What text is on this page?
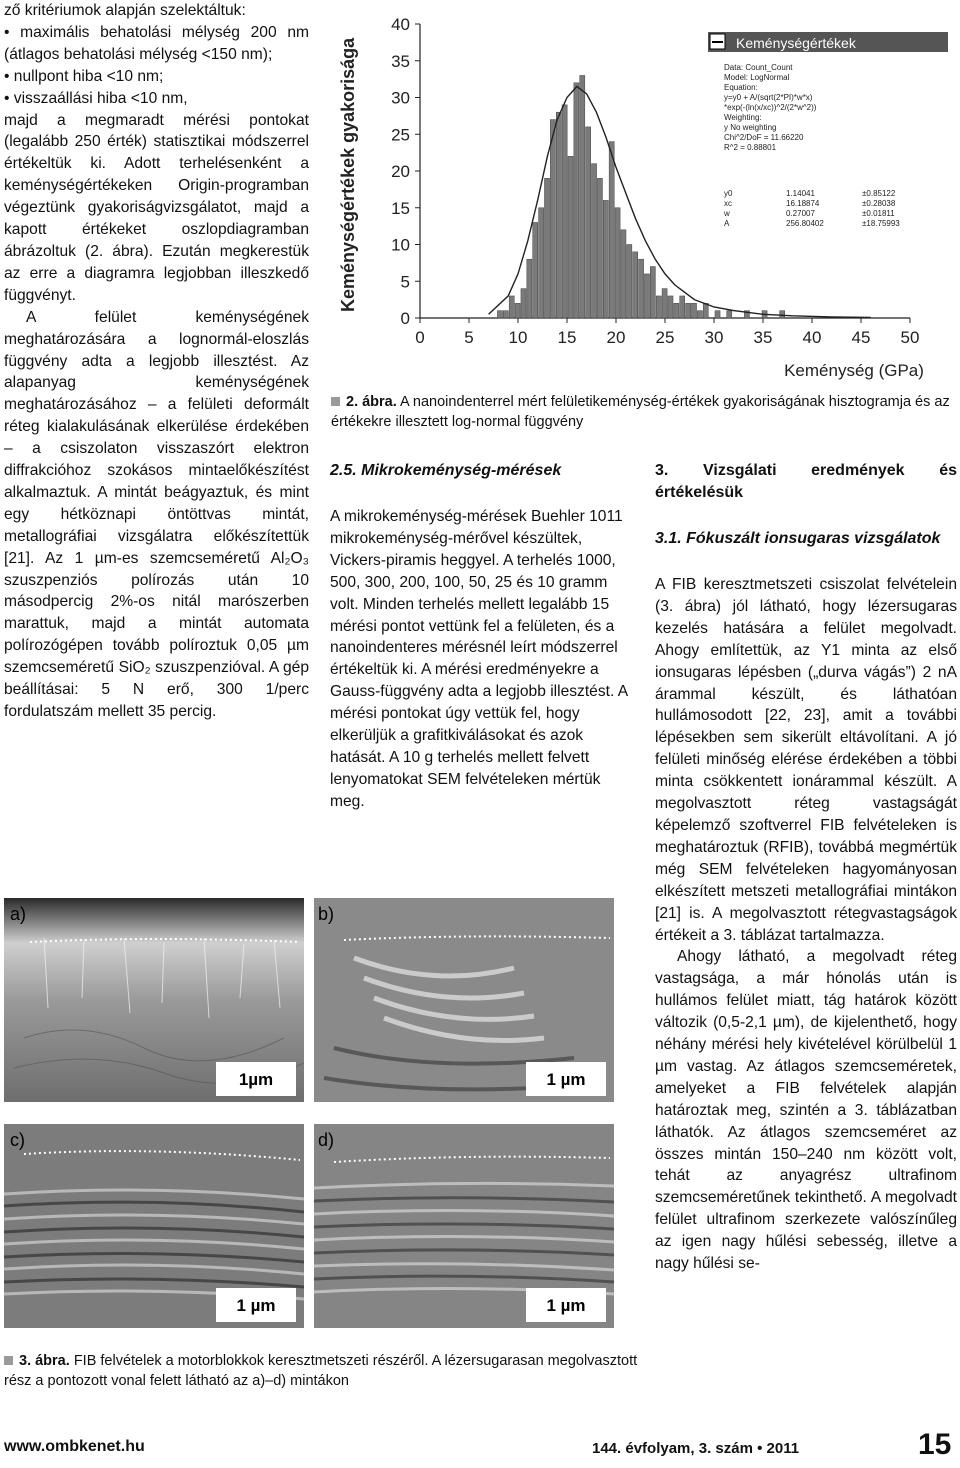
ző kritériumok alapján szelektáltuk:

• maximális behatolási mélység 200 nm (átlagos behatolási mélység <150 nm);

• nullpont hiba <10 nm;

• visszaállási hiba <10 nm,

majd a megmaradt mérési pontokat (legalább 250 érték) statisztikai módszerrel értékeltük ki. Adott terhelésenként a keménységértékeken Origin-programban végeztünk gyakoriságvizsgálatot, majd a kapott értékeket oszlopdiagramban ábrázoltuk (2. ábra). Ezután megkerestük az erre a diagramra legjobban illeszkedő függvényt.

A felület keménységének meghatározására a lognormál-eloszlás függvény adta a legjobb illesztést. Az alapanyag keménységének meghatározásához – a felületi deformált réteg kialakulásának elkerülése érdekében – a csiszolaton visszaszórt elektron diffrakcióhoz szokásos mintaelőkészítést alkalmaztuk. A mintát beágyaztuk, és mint egy hétköznapi öntöttvas mintát, metallográfiai vizsgálatra előkészítettük [21]. Az 1 µm-es szemcseméretű Al₂O₃ szuszpenziós polírozás után 10 másodpercig 2%-os nitál marószerben marattuk, majd a mintát automata polírozógépen tovább políroztuk 0,05 µm szemcseméretű SiO₂ szuszpenzióval. A gép beállításai: 5 N erő, 300 1/perc fordulatszám mellett 35 percig.

0
5
10
15
20
25
30
35
40
0 5 10 15 20 25 30 35 40 45 50
Keménységértékek gyakorisága
Keménység (GPa)
Keménységértékek
Data: Count_Count
Model: LogNormal
Equation:
y=y0 + A/(sqrt(2*PI)*w*x)
*exp(-(ln(x/xc))^2/(2*w^2))
Weighting:
y No weighting
Chi^2/DoF = 11.66220
R^2 = 0.88801
y0	1.14041	±0.85122
xc	16.18874	±0.28038
w	0.27007	±0.01811
A	256.80402	±18.75993
2. ábra. A nanoindenterrel mért felületikeménység-értékek gyakoriságának hisztogramja és az értékekre illesztett log-normal függvény
2.5. Mikrokeménység-mérések

A mikrokeménység-mérések Buehler 1011 mikrokeménység-mérővel készültek, Vickers-piramis heggyel. A terhelés 1000, 500, 300, 200, 100, 50, 25 és 10 gramm volt. Minden terhelés mellett legalább 15 mérési pontot vettünk fel a felületen, és a nanoindenteres mérésnél leírt módszerrel értékeltük ki. A mérési eredményekre a Gauss-függvény adta a legjobb illesztést. A mérési pontokat úgy vettük fel, hogy elkerüljük a grafitkiválásokat és azok hatását. A 10 g terhelés mellett felvett lenyomatokat SEM felvételeken mértük meg.

3. Vizsgálati eredmények és értékelésük
3.1. Fókuszált ionsugaras vizsgálatok

A FIB keresztmetszeti csiszolat felvételein (3. ábra) jól látható, hogy lézersugaras kezelés hatására a felület megolvadt. Ahogy említettük, az Y1 minta az első ionsugaras lépésben („durva vágás”) 2 nA árammal készült, és láthatóan hullámosodott [22, 23], amit a további lépésekben sem sikerült eltávolítani. A jó felületi minőség elérése érdekében a többi minta csökkentett ionárammal készült. A megolvasztott réteg vastagságát képelemző szoftverrel FIB felvételeken is meghatároztuk (RFIB), továbbá megmértük még SEM felvételeken hagyományosan elkészített metszeti metallográfiai mintákon [21] is. A megolvasztott rétegvastagságok értékeit a 3. táblázat tartalmazza.

Ahogy látható, a megolvadt réteg vastagsága, a már hónolás után is hullámos felület miatt, tág határok között változik (0,5-2,1 µm), de kijelenthető, hogy néhány mérési hely kivételével körülbelül 1 µm vastag. Az átlagos szemcseméretek, amelyeket a FIB felvételek alapján határoztak meg, szintén a 3. táblázatban láthatók. Az átlagos szemcseméret az összes mintán 150–240 nm között volt, tehát az anyagrész ultrafinom szemcseméretűnek tekinthető. A megolvadt felület ultrafinom szerkezete valószínűleg az igen nagy hűlési sebesség, illetve a nagy hűlési se-

1µm
a)
1 µm
b)
1 µm
c)
1 µm
d)
3. ábra. FIB felvételek a motorblokkok keresztmetszeti részéről. A lézersugarasan megolvasztott rész a pontozott vonal felett látható az a)–d) mintákon
www.ombkenet.hu	144. évfolyam, 3. szám • 2011	15
